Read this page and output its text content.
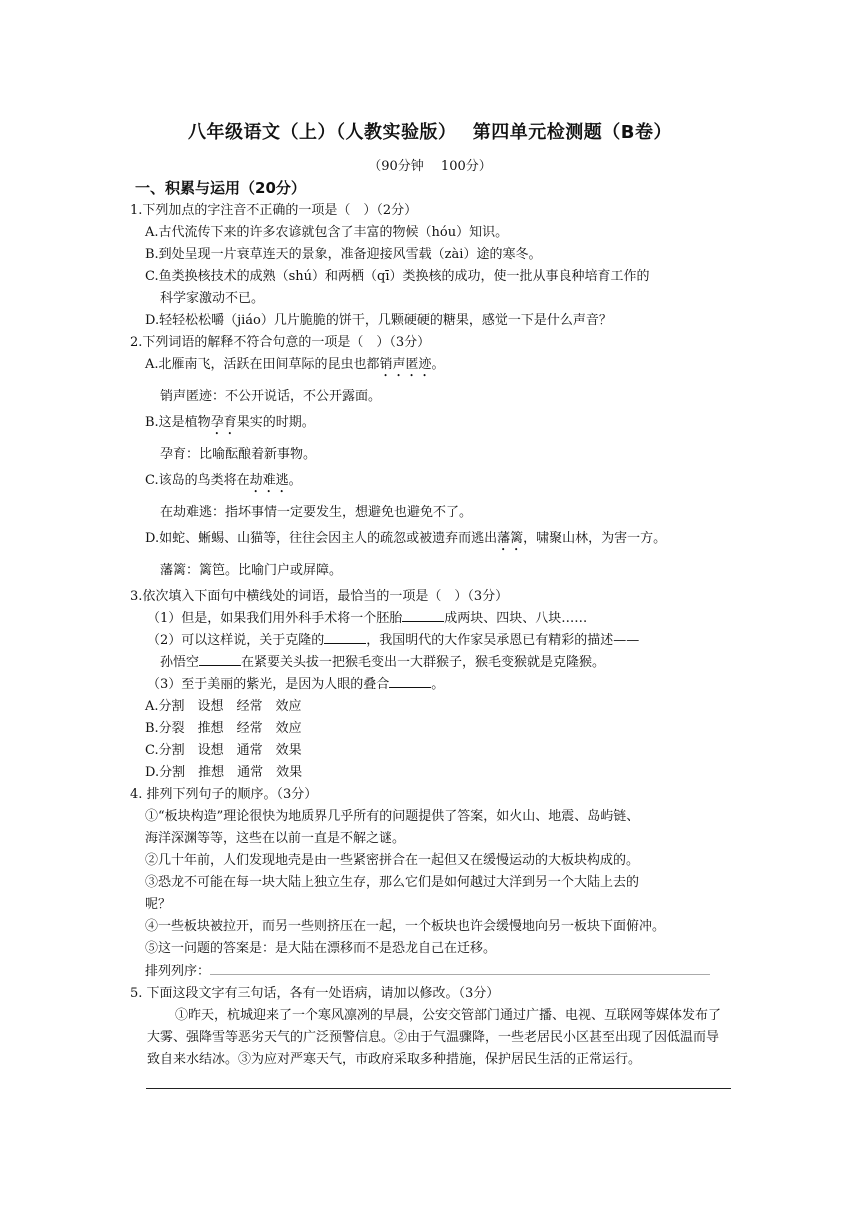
八年级语文（上）（人教实验版）　 第四单元检测题（B卷）
（90分钟　 100分）
一、积累与运用（20分）

1.下列加点的字注音不正确的一项是（　）（2分）

A.古代流传下来的许多农谚就包含了丰富的物候（hóu）知识。

B.到处呈现一片衰草连天的景象，准备迎接风雪载（zài）途的寒冬。

C.鱼类换核技术的成熟（shú）和两栖（qī）类换核的成功，使一批从事良种培育工作的

科学家激动不已。

D.轻轻松松嚼（jiáo）几片脆脆的饼干，几颗硬硬的糖果，感觉一下是什么声音？

2.下列词语的解释不符合句意的一项是（　）（3分）

A.北雁南飞，活跃在田间草际的昆虫也都销声匿迹。

销声匿迹：不公开说话，不公开露面。

B.这是植物孕育果实的时期。

孕育：比喻酝酿着新事物。

C.该岛的鸟类将在劫难逃。

在劫难逃：指坏事情一定要发生，想避免也避免不了。

D.如蛇、蜥蜴、山猫等，往往会因主人的疏忽或被遗弃而逃出藩篱，啸聚山林，为害一方。

藩篱：篱笆。比喻门户或屏障。

3.依次填入下面句中横线处的词语，最恰当的一项是（　）（3分）

（1）但是，如果我们用外科手术将一个胚胎	成两块、四块、八块……

（2）可以这样说，关于克隆的	，我国明代的大作家吴承恩已有精彩的描述——

孙悟空	在紧要关头拔一把猴毛变出一大群猴子，猴毛变猴就是克隆猴。

（3）至于美丽的紫光，是因为人眼的叠合	。

A.分割　设想　经常　效应

B.分裂　推想　经常　效应

C.分割　设想　通常　效果

D.分割　推想　通常　效果

4. 排列下列句子的顺序。（3分）

①“板块构造”理论很快为地质界几乎所有的问题提供了答案，如火山、地震、岛屿链、

海洋深渊等等，这些在以前一直是不解之谜。

②几十年前，人们发现地壳是由一些紧密拼合在一起但又在缓慢运动的大板块构成的。

③恐龙不可能在每一块大陆上独立生存，那么它们是如何越过大洋到另一个大陆上去的

呢？

④一些板块被拉开，而另一些则挤压在一起，一个板块也许会缓慢地向另一板块下面俯冲。

⑤这一问题的答案是：是大陆在漂移而不是恐龙自己在迁移。

排列列序：

5. 下面这段文字有三句话，各有一处语病，请加以修改。（3分）

①昨天，杭城迎来了一个寒风凛冽的早晨，公安交管部门通过广播、电视、互联网等媒体发布了大雾、强降雪等恶劣天气的广泛预警信息。②由于气温骤降，一些老居民小区甚至出现了因低温而导致自来水结冰。③为应对严寒天气，市政府采取多种措施，保护居民生活的正常运行。
